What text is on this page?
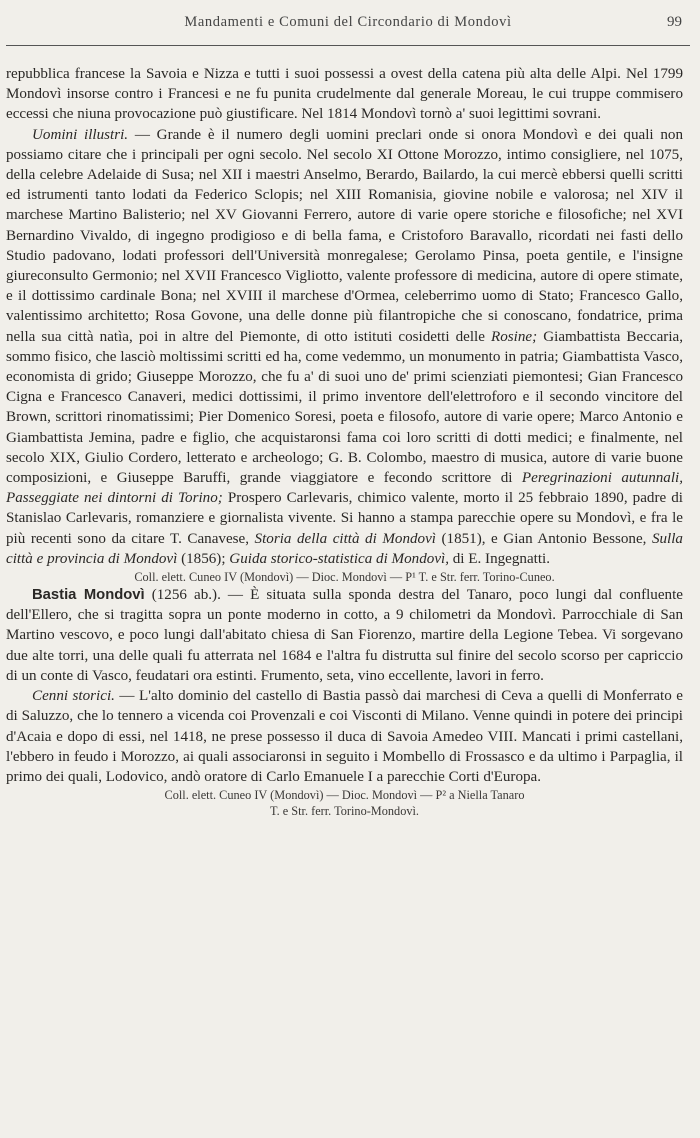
Mandamenti e Comuni del Circondario di Mondovì	99

repubblica francese la Savoia e Nizza e tutti i suoi possessi a ovest della catena più alta delle Alpi. Nel 1799 Mondovì insorse contro i Francesi e ne fu punita crudelmente dal generale Moreau, le cui truppe commisero eccessi che niuna provocazione può giustificare. Nel 1814 Mondovì tornò a' suoi legittimi sovrani.

Uomini illustri. — Grande è il numero degli uomini preclari onde si onora Mondovì e dei quali non possiamo citare che i principali per ogni secolo. Nel secolo XI Ottone Morozzo, intimo consigliere, nel 1075, della celebre Adelaide di Susa; nel XII i maestri Anselmo, Berardo, Bailardo, la cui mercè ebbersi quelli scritti ed istrumenti tanto lodati da Federico Sclopis; nel XIII Romanisia, giovine nobile e valorosa; nel XIV il marchese Martino Balisterio; nel XV Giovanni Ferrero, autore di varie opere storiche e filosofiche; nel XVI Bernardino Vivaldo, di ingegno prodigioso e di bella fama, e Cristoforo Baravallo, ricordati nei fasti dello Studio padovano, lodati professori dell'Università monregalese; Gerolamo Pinsa, poeta gentile, e l'insigne giureconsulto Germonio; nel XVII Francesco Vigliotto, valente professore di medicina, autore di opere stimate, e il dottissimo cardinale Bona; nel XVIII il marchese d'Ormea, celeberrimo uomo di Stato; Francesco Gallo, valentissimo architetto; Rosa Govone, una delle donne più filantropiche che si conoscano, fondatrice, prima nella sua città natìa, poi in altre del Piemonte, di otto istituti cosidetti delle Rosine; Giambattista Beccaria, sommo fisico, che lasciò moltissimi scritti ed ha, come vedemmo, un monumento in patria; Giambattista Vasco, economista di grido; Giuseppe Morozzo, che fu a' di suoi uno de' primi scienziati piemontesi; Gian Francesco Cigna e Francesco Canaveri, medici dottissimi, il primo inventore dell'elettroforo e il secondo vincitore del Brown, scrittori rinomatissimi; Pier Domenico Soresi, poeta e filosofo, autore di varie opere; Marco Antonio e Giambattista Jemina, padre e figlio, che acquistaronsi fama coi loro scritti di dotti medici; e finalmente, nel secolo XIX, Giulio Cordero, letterato e archeologo; G. B. Colombo, maestro di musica, autore di varie buone composizioni, e Giuseppe Baruffi, grande viaggiatore e fecondo scrittore di Peregrinazioni autunnali, Passeggiate nei dintorni di Torino; Prospero Carlevaris, chimico valente, morto il 25 febbraio 1890, padre di Stanislao Carlevaris, romanziere e giornalista vivente. Si hanno a stampa parecchie opere su Mondovì, e fra le più recenti sono da citare T. Canavese, Storia della città di Mondovì (1851), e Gian Antonio Bessone, Sulla città e provincia di Mondovì (1856); Guida storico-statistica di Mondovì, di E. Ingegnatti.

Coll. elett. Cuneo IV (Mondovì) — Dioc. Mondovì — P¹ T. e Str. ferr. Torino-Cuneo.

Bastia Mondovì (1256 ab.). — È situata sulla sponda destra del Tanaro, poco lungi dal confluente dell'Ellero, che si tragitta sopra un ponte moderno in cotto, a 9 chilometri da Mondovì. Parrocchiale di San Martino vescovo, e poco lungi dall'abitato chiesa di San Fiorenzo, martire della Legione Tebea. Vi sorgevano due alte torri, una delle quali fu atterrata nel 1684 e l'altra fu distrutta sul finire del secolo scorso per capriccio di un conte di Vasco, feudatari ora estinti. Frumento, seta, vino eccellente, lavori in ferro.

Cenni storici. — L'alto dominio del castello di Bastia passò dai marchesi di Ceva a quelli di Monferrato e di Saluzzo, che lo tennero a vicenda coi Provenzali e coi Visconti di Milano. Venne quindi in potere dei principi d'Acaia e dopo di essi, nel 1418, ne prese possesso il duca di Savoia Amedeo VIII. Mancati i primi castellani, l'ebbero in feudo i Morozzo, ai quali associaronsi in seguito i Mombello di Frossasco e da ultimo i Parpaglia, il primo dei quali, Lodovico, andò oratore di Carlo Emanuele I a parecchie Corti d'Europa.

Coll. elett. Cuneo IV (Mondovì) — Dioc. Mondovì — P² a Niella Tanaro
T. e Str. ferr. Torino-Mondovì.
